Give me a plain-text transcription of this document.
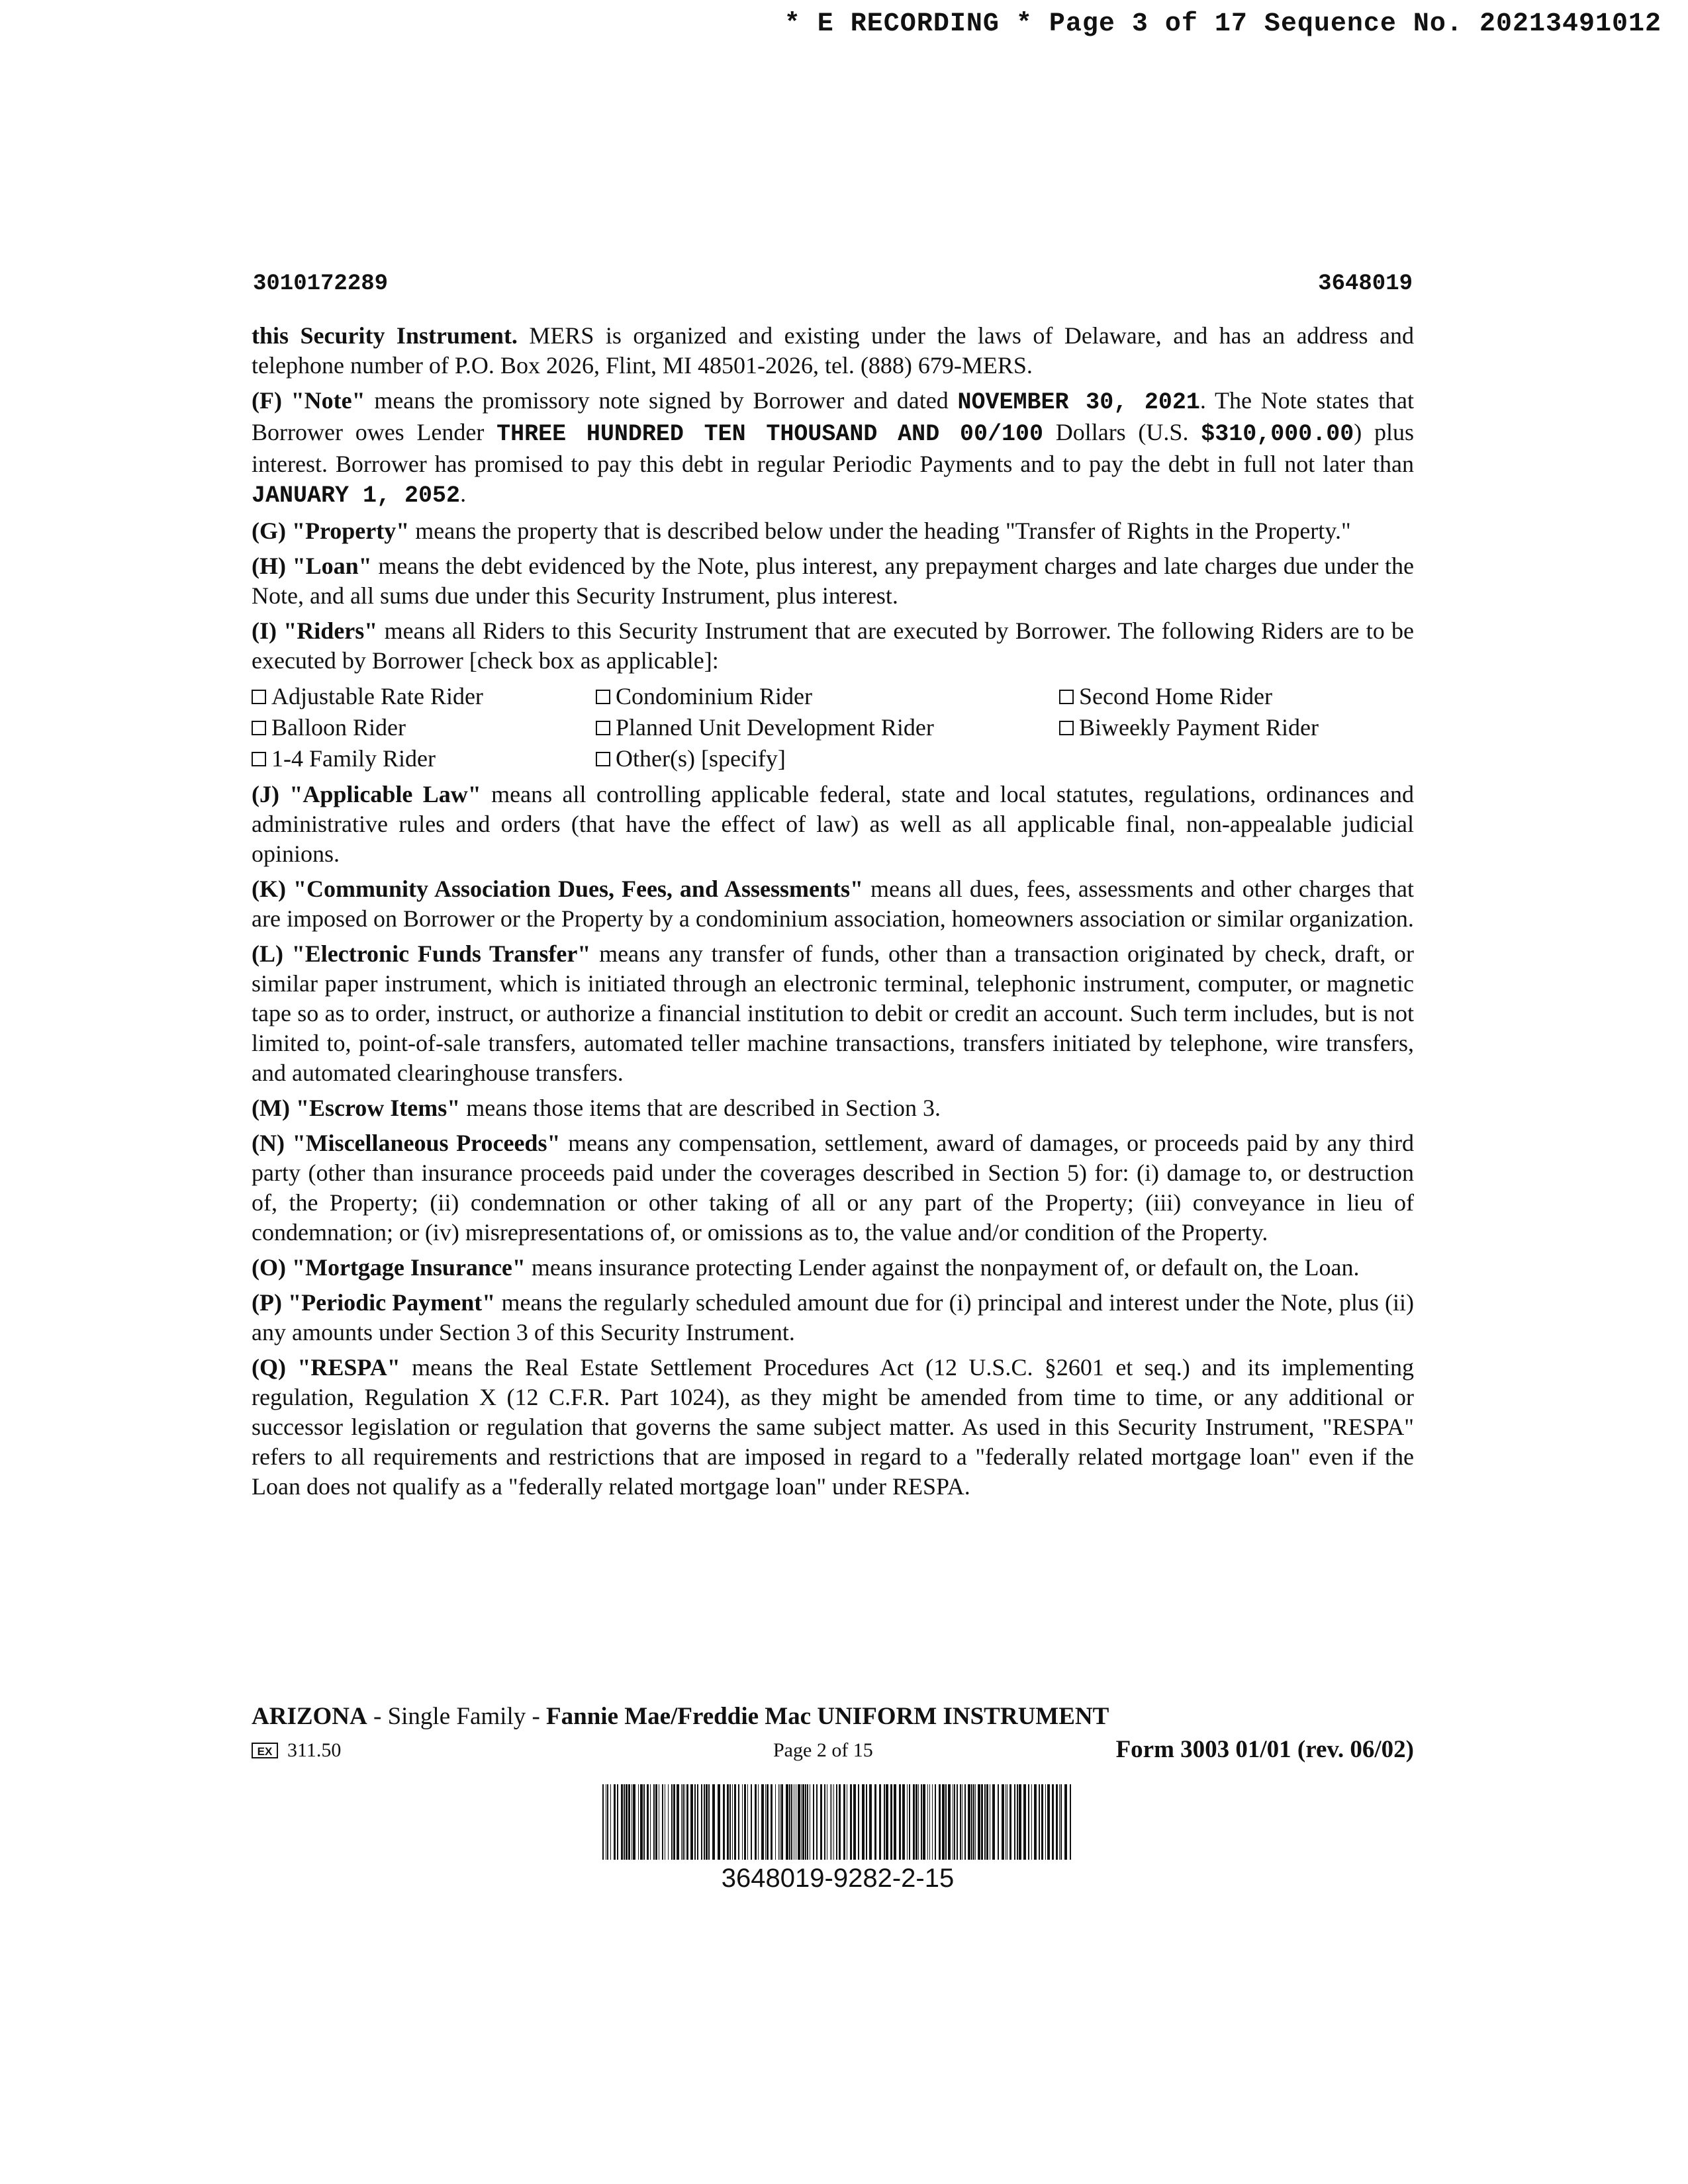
* E RECORDING * Page 3 of 17 Sequence No. 20213491012
3010172289	3648019

this Security Instrument. MERS is organized and existing under the laws of Delaware, and has an address and telephone number of P.O. Box 2026, Flint, MI 48501-2026, tel. (888) 679-MERS.

(F) "Note" means the promissory note signed by Borrower and dated NOVEMBER 30, 2021. The Note states that Borrower owes Lender THREE HUNDRED TEN THOUSAND AND 00/100 Dollars (U.S. $310,000.00) plus interest. Borrower has promised to pay this debt in regular Periodic Payments and to pay the debt in full not later than JANUARY 1, 2052.

(G) "Property" means the property that is described below under the heading "Transfer of Rights in the Property."

(H) "Loan" means the debt evidenced by the Note, plus interest, any prepayment charges and late charges due under the Note, and all sums due under this Security Instrument, plus interest.

(I) "Riders" means all Riders to this Security Instrument that are executed by Borrower. The following Riders are to be executed by Borrower [check box as applicable]:

Adjustable Rate Rider	Condominium Rider	Second Home Rider
Balloon Rider	Planned Unit Development Rider	Biweekly Payment Rider
1-4 Family Rider	Other(s) [specify]

(J) "Applicable Law" means all controlling applicable federal, state and local statutes, regulations, ordinances and administrative rules and orders (that have the effect of law) as well as all applicable final, non-appealable judicial opinions.

(K) "Community Association Dues, Fees, and Assessments" means all dues, fees, assessments and other charges that are imposed on Borrower or the Property by a condominium association, homeowners association or similar organization.

(L) "Electronic Funds Transfer" means any transfer of funds, other than a transaction originated by check, draft, or similar paper instrument, which is initiated through an electronic terminal, telephonic instrument, computer, or magnetic tape so as to order, instruct, or authorize a financial institution to debit or credit an account. Such term includes, but is not limited to, point-of-sale transfers, automated teller machine transactions, transfers initiated by telephone, wire transfers, and automated clearinghouse transfers.

(M) "Escrow Items" means those items that are described in Section 3.

(N) "Miscellaneous Proceeds" means any compensation, settlement, award of damages, or proceeds paid by any third party (other than insurance proceeds paid under the coverages described in Section 5) for: (i) damage to, or destruction of, the Property; (ii) condemnation or other taking of all or any part of the Property; (iii) conveyance in lieu of condemnation; or (iv) misrepresentations of, or omissions as to, the value and/or condition of the Property.

(O) "Mortgage Insurance" means insurance protecting Lender against the nonpayment of, or default on, the Loan.

(P) "Periodic Payment" means the regularly scheduled amount due for (i) principal and interest under the Note, plus (ii) any amounts under Section 3 of this Security Instrument.

(Q) "RESPA" means the Real Estate Settlement Procedures Act (12 U.S.C. §2601 et seq.) and its implementing regulation, Regulation X (12 C.F.R. Part 1024), as they might be amended from time to time, or any additional or successor legislation or regulation that governs the same subject matter. As used in this Security Instrument, "RESPA" refers to all requirements and restrictions that are imposed in regard to a "federally related mortgage loan" even if the Loan does not qualify as a "federally related mortgage loan" under RESPA.

ARIZONA - Single Family - Fannie Mae/Freddie Mac UNIFORM INSTRUMENT
EX 311.50	Page 2 of 15	Form 3003 01/01 (rev. 06/02)
3648019-9282-2-15
